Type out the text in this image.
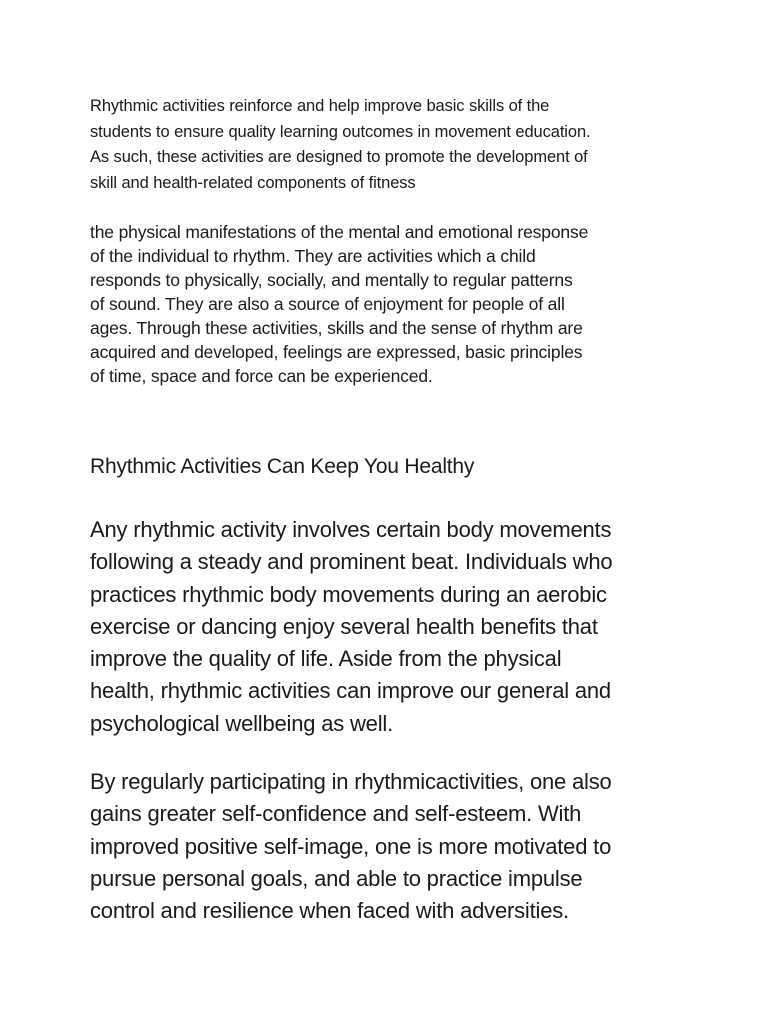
Rhythmic activities reinforce and help improve basic skills of the
students to ensure quality learning outcomes in movement education.
As such, these activities are designed to promote the development of
skill and health-related components of fitness

the physical manifestations of the mental and emotional response
of the individual to rhythm. They are activities which a child
responds to physically, socially, and mentally to regular patterns
of sound. They are also a source of enjoyment for people of all
ages. Through these activities, skills and the sense of rhythm are
acquired and developed, feelings are expressed, basic principles
of time, space and force can be experienced.

Rhythmic Activities Can Keep You Healthy

Any rhythmic activity involves certain body movements
following a steady and prominent beat. Individuals who
practices rhythmic body movements during an aerobic
exercise or dancing enjoy several health benefits that
improve the quality of life. Aside from the physical
health, rhythmic activities can improve our general and
psychological wellbeing as well.

By regularly participating in rhythmicactivities, one also
gains greater self-confidence and self-esteem. With
improved positive self-image, one is more motivated to
pursue personal goals, and able to practice impulse
control and resilience when faced with adversities.
